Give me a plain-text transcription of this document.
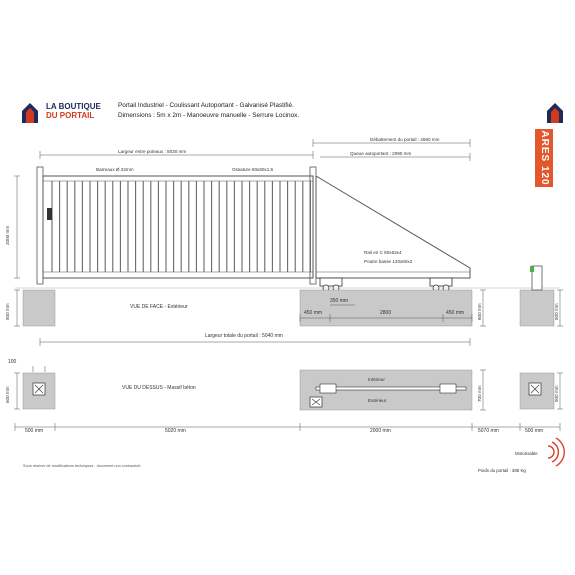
LA BOUTIQUE
DU PORTAIL
Portail Industriel - Coulissant Autoportant - Galvanisé Plastifié.
Dimensions : 5m x 2m - Manoeuvre manuelle - Serrure Locinox.
ARES 120
Largeur entre poteaux : 5030 mm
Débattement du portail : 4590 mm
Queue autoportant : 2090 mm
Barreaux Ø 22mm	Ossature 60x60x1.5
2000 mm
500 mm
Rail en C 80x63x4
Poutre basse 120x60x2
VUE DE FACE - Extérieur
350 mm
450 mm	2800	450 mm	600 mm	500 mm
Largeur totale du portail : 5040 mm
100
500 mm	VUE DU DESSUS - Massif béton
Intérieur
Extérieur	700 mm	500 mm
500 mm	5020 mm	2000 mm	5070 mm	500 mm
Sous réserve de modifications techniques - document non contractuel.
Poids du portail : 385 Kg
Motorisable
